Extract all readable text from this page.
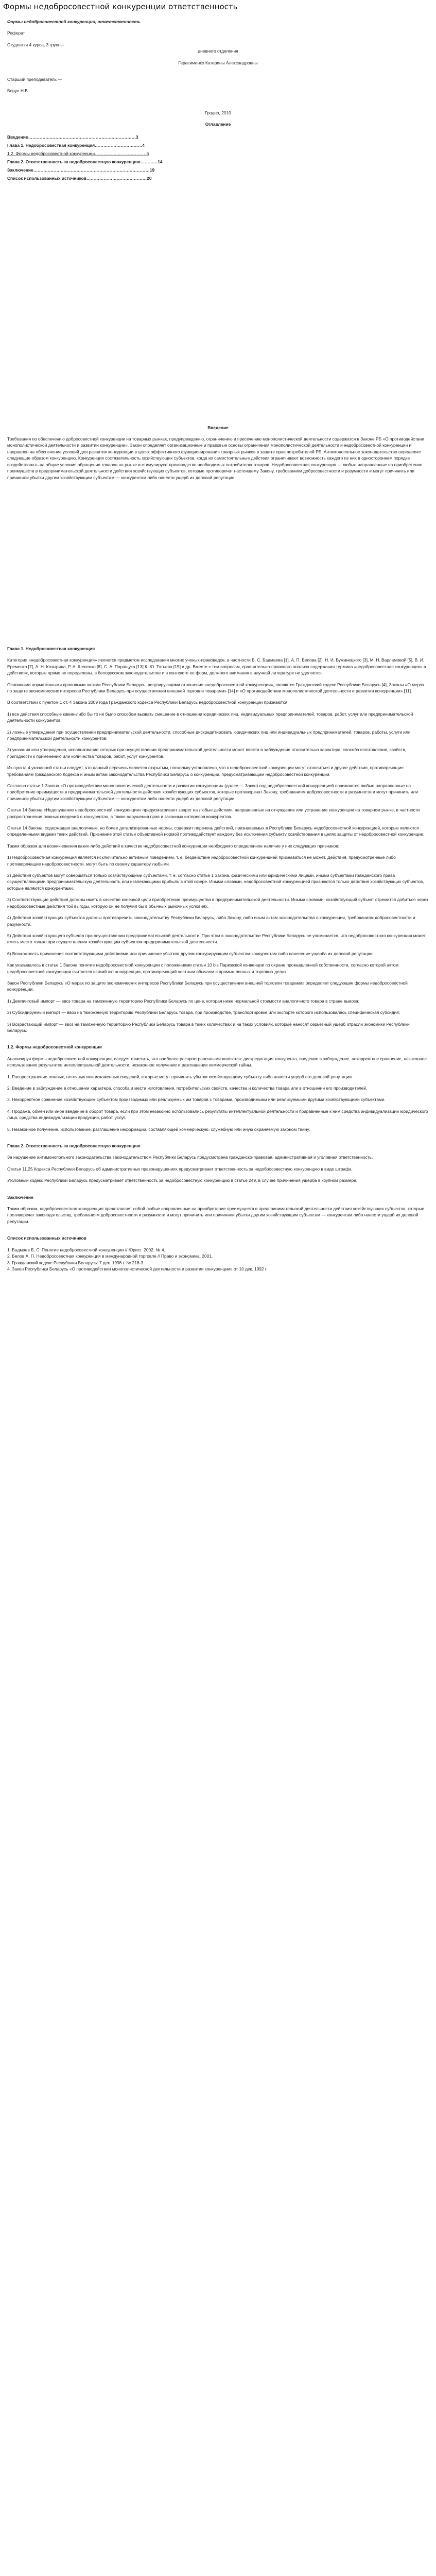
Формы недобросовестной конкуренции ответственность

Формы недобросовестной конкуренции, ответственность

Реферат

Студентки 4 курса, 3 группы

дневного отделения

Герасименко Катерины Александровны

Старший преподаватель —

Борун Н.В

Гродно, 2010

Оглавление

Введение…………………………………………………………………3

Глава 1. Недобросовестная конкуренция……………………………4

1.2. Формы недобросовестной конкуренции………………………………6

Глава 2. Ответственность за недобросовестную конкуренцию…………14

Заключение………………………………………………………………………19

Список использованных источников……………………………………20

Введение

Требования по обеспечению добросовестной конкуренции на товарных рынках, предупреждению, ограничению и пресечению монополистической деятельности содержатся в Законе РБ «О противодействии монополистической деятельности и развитии конкуренции». Закон определяет организационные и правовые основы ограничения монополистической деятельности и недобросовестной конкуренции и направлен на обеспечение условий для развития конкуренции в целях эффективного функционирования товарных рынков в защите прав потребителей РБ. Антимонопольное законодательство определяет следующие образом конкуренцию. Конкуренция состязательность хозяйствующих субъектов, когда их самостоятельные действия ограничивают возможность каждого из них в одностороннем порядке воздействовать на общие условия обращения товаров на рынке и стимулируют производство необходимых потребителю товаров. Недобросовестная конкуренция — любые направленные на приобретение преимуществ в предпринимательской деятельности действия хозяйствующих субъектов, которые противоречат настоящему Закону, требованиям добросовестности и разумности и могут причинить или причинили убытки другим хозяйствующим субъектам — конкурентам либо нанести ущерб их деловой репутации.

Глава 1. Недобросовестная конкуренция

Категория «недобросовестная конкуренция» является предметом исследования многих ученых-правоведов, в частности Б. С. Бадмаева [1], А. П. Белова [2], Н. И. Бужинецкого [3], М. Н. Варламовой [5], В. И. Еременко [7], А. Н. Козырина, Р. А. Шепенко [8], С. А. Паращука [13] К. Ю. Тотьева [15] и др. Вместе с тем вопросам, сравнительно-правового анализа содержания термина «недобросовестная конкуренция» в действиях, которые прямо не определены, в белорусском законодательстве и в контексте ее форм, должного внимания в научной литературе не уделяется.

Основными нормативными правовыми актами Республики Беларусь, регулирующими отношения «недобросовестной конкуренции», являются Гражданский кодекс Республики Беларусь [4], Законы «О мерах по защите экономических интересов Республики Беларусь при осуществлении внешней торговли товарами» [14] и «О противодействии монополистической деятельности и развитии конкуренции» [11].

В соответствии с пунктом 1 ст. 4 Закона 2009 года Гражданского кодекса Республики Беларусь недобросовестной конкуренции признаются:

1) все действия способные каким-либо бы то ни было способом вызвать смешение в отношении юридических лиц, индивидуальных предпринимателей, товаров, работ, услуг или предпринимательской деятельности конкурентов;

2) ложные утверждения при осуществлении предпринимательской деятельности, способные дискредитировать юридических лиц или индивидуальных предпринимателей, товаров, работы, услуги или предпринимательской деятельности конкурентов;

3) указания или утверждения, использование которых при осуществлении предпринимательской деятельности может ввести в заблуждение относительно характера, способа изготовления, свойств, пригодности к применению или количества товаров, работ, услуг конкурентов.

Из пункта 4 указанной статьи следует, что данный перечень является открытым, поскольку установлено, что к недобросовестной конкуренции могут относиться и другие действия, противоречащие требованиям гражданского Кодекса и иным актам законодательства Республики Беларусь о конкуренции, предусматривающим недобросовестной конкуренции.

Согласно статье 1 Закона «О противодействии монополистической деятельности и развитии конкуренции» (далее — Закон) под недобросовестной конкуренцией понимаются любые направленные на приобретение преимуществ в предпринимательской деятельности действия хозяйствующих субъектов, которые противоречат Закону, требованиям добросовестности и разумности и могут причинить или причинили убытки другим хозяйствующим субъектам — конкурентам либо нанести ущерб их деловой репутации.

Статья 14 Закона «Недопущение недобросовестной конкуренции» предусматривает запрет на любые действия, направленные на отчуждение или устранение конкуренции на товарном рынке, в частности распространение ложных сведений о конкурентах, а также нарушения прав и законных интересов конкурентов.

Статья 14 Закона, содержащая аналогичные, но более детализированные нормы, содержит перечень действий, признаваемых в Республике Беларусь недобросовестной конкуренцией, которые являются определенными видами таких действий. Признание этой статьи объективной нормой противодействует каждому без исключения субъекту хозяйствования в целях защиты от недобросовестной конкуренции.

Таким образом для возникновения каких-либо действий в качестве недобросовестной конкуренции необходимо определенное наличие у них следующих признаков:

1) Недобросовестная конкуренция является исключительно активным поведением, т. е. бездействие недобросовестной конкуренцией признаваться не может. Действия, предусмотренные либо противоречащие недобросовестности, могут быть по своему характеру любыми.

2) Действия субъектов могут совершаться только хозяйствующими субъектами, т. е. согласно статье 1 Закона, физическими или юридическими лицами, иными субъектами гражданского права осуществляющими предпринимательскую деятельность или извлекающими прибыль в этой сфере. Иными словами, недобросовестной конкуренцией признаются только действия хозяйствующих субъектов, которые являются конкурентами.

3) Соответствующие действия должны иметь в качестве конечной цели приобретение преимущества в предпринимательской деятельности. Иными словами, хозяйствующий субъект стремится добиться через недобросовестные действия той выгоды, которую он не получил бы в обычных рыночных условиях.

4) Действия хозяйствующих субъектов должны противоречить законодательству Республики Беларусь, либо Закону, либо иным актам законодательства о конкуренции, требованиям добросовестности и разумности.

5) Действия хозяйствующего субъекта при осуществлении предпринимательской деятельности. При этом в законодательстве Республики Беларусь не упоминается, что недобросовестная конкуренция может иметь место только при осуществлении хозяйствующим субъектом предпринимательской деятельности.

6) Возможность причинения соответствующими действиями или причинение убытков другим конкурирующим субъектам-конкурентам либо нанесение ущерба их деловой репутации.

Как указывалось в статье 1 Закона понятие недобросовестной конкуренции с положениями статьи 10 bis Парижской конвенции по охране промышленной собственности, согласно которой актом недобросовестной конкуренции считается всякий акт конкуренции, противоречащий честным обычаям в промышленных и торговых делах.

Закон Республики Беларусь «О мерах по защите экономических интересов Республики Беларусь при осуществлении внешней торговли товарами» определяет следующие формы недобросовестной конкуренции:

1) Демпинговый импорт — ввоз товара на таможенную территорию Республики Беларусь по цене, которая ниже нормальной стоимости аналогичного товара в стране вывоза;

2) Субсидируемый импорт — ввоз на таможенную территорию Республики Беларусь товара, при производстве, транспортировке или экспорте которого использовалась специфическая субсидия;

3) Возрастающий импорт — ввоз на таможенную территорию Республики Беларусь товара в таких количествах и на таких условиях, которые наносят серьезный ущерб отрасли экономики Республики Беларусь.

1.2. Формы недобросовестной конкуренции

Анализируя формы недобросовестной конкуренции, следует отметить, что наиболее распространенными являются: дискредитация конкурента, введение в заблуждение, некорректное сравнение, незаконное использование результатов интеллектуальной деятельности, незаконное получение и разглашение коммерческой тайны.

1. Распространение ложных, неточных или искаженных сведений, которые могут причинить убытки хозяйствующему субъекту либо нанести ущерб его деловой репутации.

2. Введение в заблуждение в отношении характера, способа и места изготовления, потребительских свойств, качества и количества товара или в отношении его производителей.

3. Некорректное сравнение хозяйствующим субъектом производимых или реализуемых им товаров с товарами, производимыми или реализуемыми другими хозяйствующими субъектами.

4. Продажа, обмен или иное введение в оборот товара, если при этом незаконно использовались результаты интеллектуальной деятельности и приравненные к ним средства индивидуализации юридического лица, средства индивидуализации продукции, работ, услуг.

5. Незаконное получение, использование, разглашение информации, составляющей коммерческую, служебную или иную охраняемую законом тайну.

Глава 2. Ответственность за недобросовестную конкуренцию

За нарушение антимонопольного законодательства законодательством Республики Беларусь предусмотрена гражданско-правовая, административная и уголовная ответственность.

Статья 11.25 Кодекса Республики Беларусь об административных правонарушениях предусматривает ответственность за недобросовестную конкуренцию в виде штрафа.

Уголовный кодекс Республики Беларусь предусматривает ответственность за недобросовестную конкуренцию в статье 249, в случае причинения ущерба в крупном размере.

Заключение

Таким образом, недобросовестная конкуренция представляет собой любые направленные на приобретение преимуществ в предпринимательской деятельности действия хозяйствующих субъектов, которые противоречат законодательству, требованиям добросовестности и разумности и могут причинить или причинили убытки другим хозяйствующим субъектам — конкурентам либо нанести ущерб их деловой репутации.

Список использованных источников

1. Бадмаев Б. С. Понятие недобросовестной конкуренции // Юрист. 2002. № 4.

2. Белов А. П. Недобросовестная конкуренция в международной торговле // Право и экономика. 2001.

3. Гражданский кодекс Республики Беларусь: 7 дек. 1998 г. № 218-З.

4. Закон Республики Беларусь «О противодействии монополистической деятельности и развитии конкуренции» от 10 дек. 1992 г.
